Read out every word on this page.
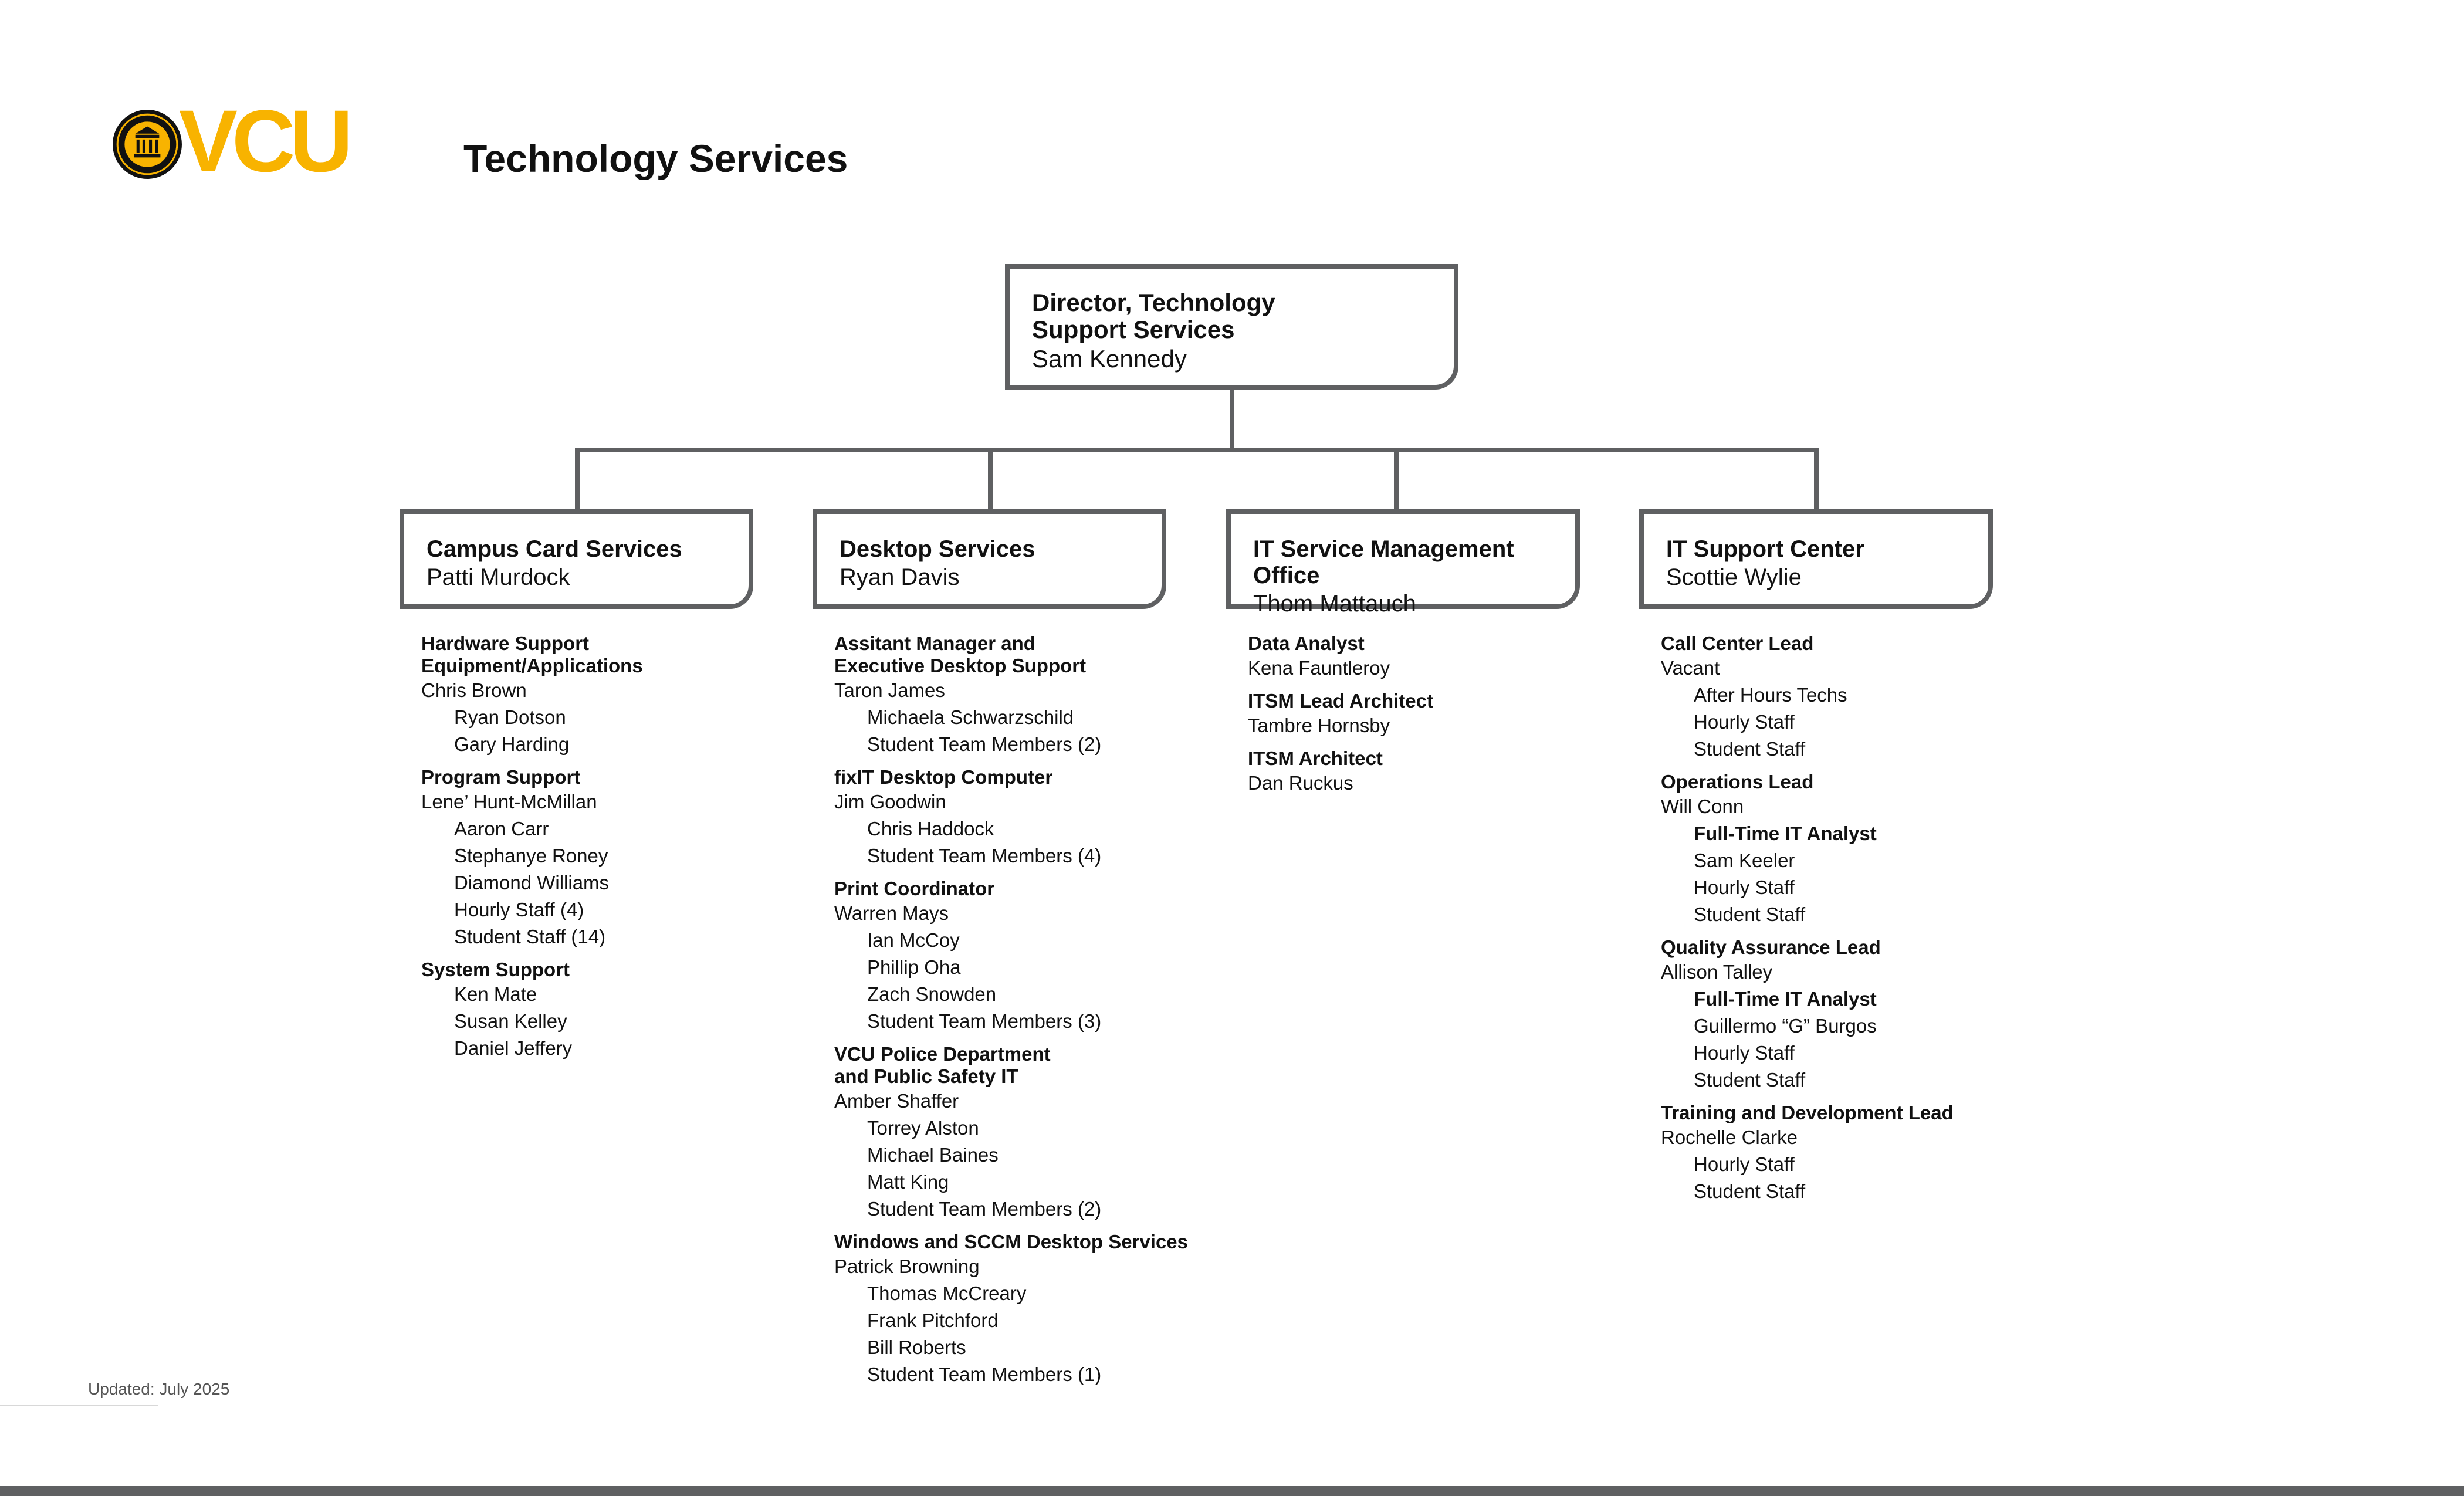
VCU	Technology Services
Director, Technology
Support Services
Sam Kennedy
Campus Card Services
Patti Murdock
Desktop Services
Ryan Davis
IT Service Management Office
Thom Mattauch
IT Support Center
Scottie Wylie
Hardware Support
Equipment/Applications
Chris Brown
Ryan Dotson
Gary Harding
Program Support
Lene’ Hunt-McMillan
Aaron Carr
Stephanye Roney
Diamond Williams
Hourly Staff (4)
Student Staff (14)
System Support
Ken Mate
Susan Kelley
Daniel Jeffery
Assitant Manager and
Executive Desktop Support
Taron James
Michaela Schwarzschild
Student Team Members (2)
fixIT Desktop Computer
Jim Goodwin
Chris Haddock
Student Team Members (4)
Print Coordinator
Warren Mays
Ian McCoy
Phillip Oha
Zach Snowden
Student Team Members (3)
VCU Police Department
and Public Safety IT
Amber Shaffer
Torrey Alston
Michael Baines
Matt King
Student Team Members (2)
Windows and SCCM Desktop Services
Patrick Browning
Thomas McCreary
Frank Pitchford
Bill Roberts
Student Team Members (1)
Data Analyst
Kena Fauntleroy
ITSM Lead Architect
Tambre Hornsby
ITSM Architect
Dan Ruckus
Call Center Lead
Vacant
After Hours Techs
Hourly Staff
Student Staff
Operations Lead
Will Conn
Full-Time IT Analyst
Sam Keeler
Hourly Staff
Student Staff
Quality Assurance Lead
Allison Talley
Full-Time IT Analyst
Guillermo “G” Burgos
Hourly Staff
Student Staff
Training and Development Lead
Rochelle Clarke
Hourly Staff
Student Staff
Updated: July 2025
